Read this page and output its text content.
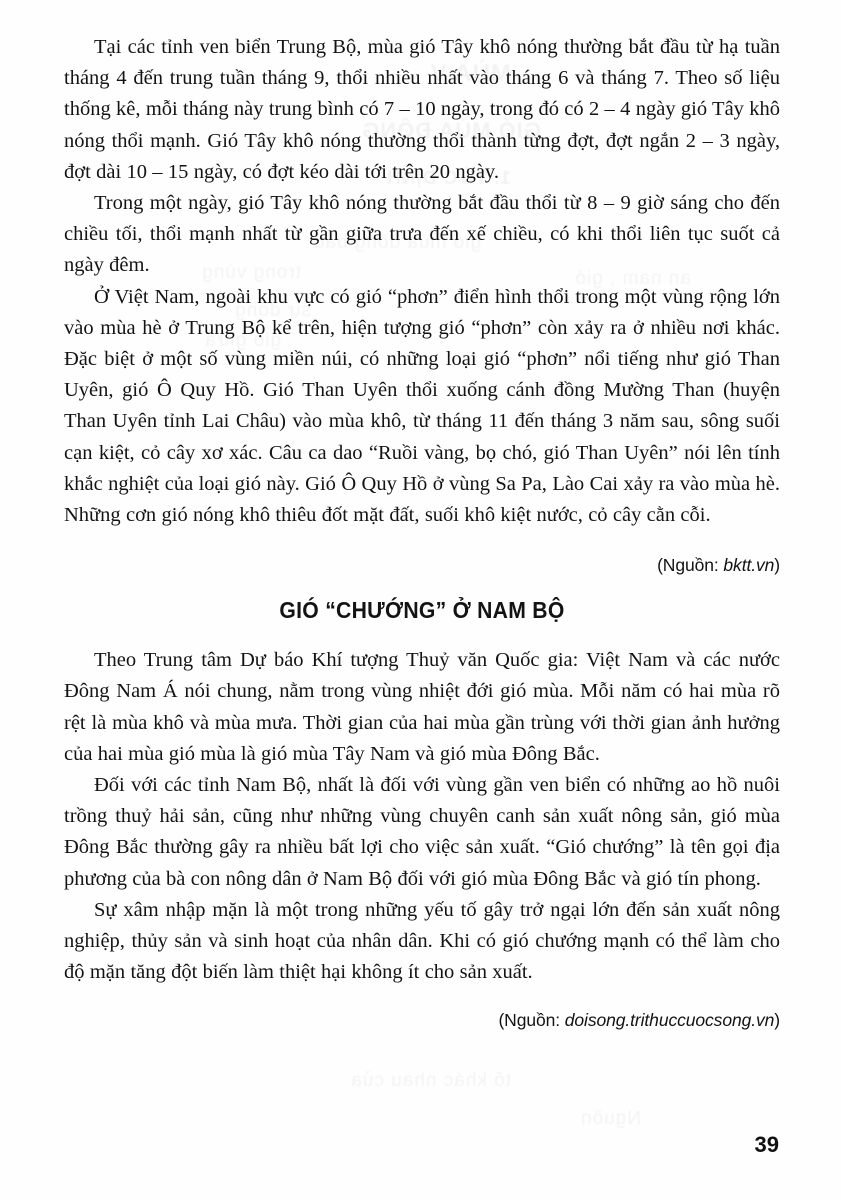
Tại các tỉnh ven biển Trung Bộ, mùa gió Tây khô nóng thường bắt đầu từ hạ tuần tháng 4 đến trung tuần tháng 9, thổi nhiều nhất vào tháng 6 và tháng 7. Theo số liệu thống kê, mỗi tháng này trung bình có 7 – 10 ngày, trong đó có 2 – 4 ngày gió Tây khô nóng thổi mạnh. Gió Tây khô nóng thường thổi thành từng đợt, đợt ngắn 2 – 3 ngày, đợt dài 10 – 15 ngày, có đợt kéo dài tới trên 20 ngày.

Trong một ngày, gió Tây khô nóng thường bắt đầu thổi từ 8 – 9 giờ sáng cho đến chiều tối, thổi mạnh nhất từ gần giữa trưa đến xế chiều, có khi thổi liên tục suốt cả ngày đêm.

Ở Việt Nam, ngoài khu vực có gió “phơn” điển hình thổi trong một vùng rộng lớn vào mùa hè ở Trung Bộ kể trên, hiện tượng gió “phơn” còn xảy ra ở nhiều nơi khác. Đặc biệt ở một số vùng miền núi, có những loại gió “phơn” nổi tiếng như gió Than Uyên, gió Ô Quy Hồ. Gió Than Uyên thổi xuống cánh đồng Mường Than (huyện Than Uyên tỉnh Lai Châu) vào mùa khô, từ tháng 11 đến tháng 3 năm sau, sông suối cạn kiệt, cỏ cây xơ xác. Câu ca dao “Ruồi vàng, bọ chó, gió Than Uyên” nói lên tính khắc nghiệt của loại gió này. Gió Ô Quy Hồ ở vùng Sa Pa, Lào Cai xảy ra vào mùa hè. Những cơn gió nóng khô thiêu đốt mặt đất, suối khô kiệt nước, cỏ cây cằn cỗi.

(Nguồn: bktt.vn)

GIÓ “CHƯỚNG” Ở NAM BỘ

Theo Trung tâm Dự báo Khí tượng Thuỷ văn Quốc gia: Việt Nam và các nước Đông Nam Á nói chung, nằm trong vùng nhiệt đới gió mùa. Mỗi năm có hai mùa rõ rệt là mùa khô và mùa mưa. Thời gian của hai mùa gần trùng với thời gian ảnh hưởng của hai mùa gió mùa là gió mùa Tây Nam và gió mùa Đông Bắc.

Đối với các tỉnh Nam Bộ, nhất là đối với vùng gần ven biển có những ao hồ nuôi trồng thuỷ hải sản, cũng như những vùng chuyên canh sản xuất nông sản, gió mùa Đông Bắc thường gây ra nhiều bất lợi cho việc sản xuất. “Gió chướng” là tên gọi địa phương của bà con nông dân ở Nam Bộ đối với gió mùa Đông Bắc và gió tín phong.

Sự xâm nhập mặn là một trong những yếu tố gây trở ngại lớn đến sản xuất nông nghiệp, thủy sản và sinh hoạt của nhân dân. Khi có gió chướng mạnh có thể làm cho độ mặn tăng đột biến làm thiệt hại không ít cho sản xuất.

(Nguồn: doisong.trithuccuocsong.vn)

39
